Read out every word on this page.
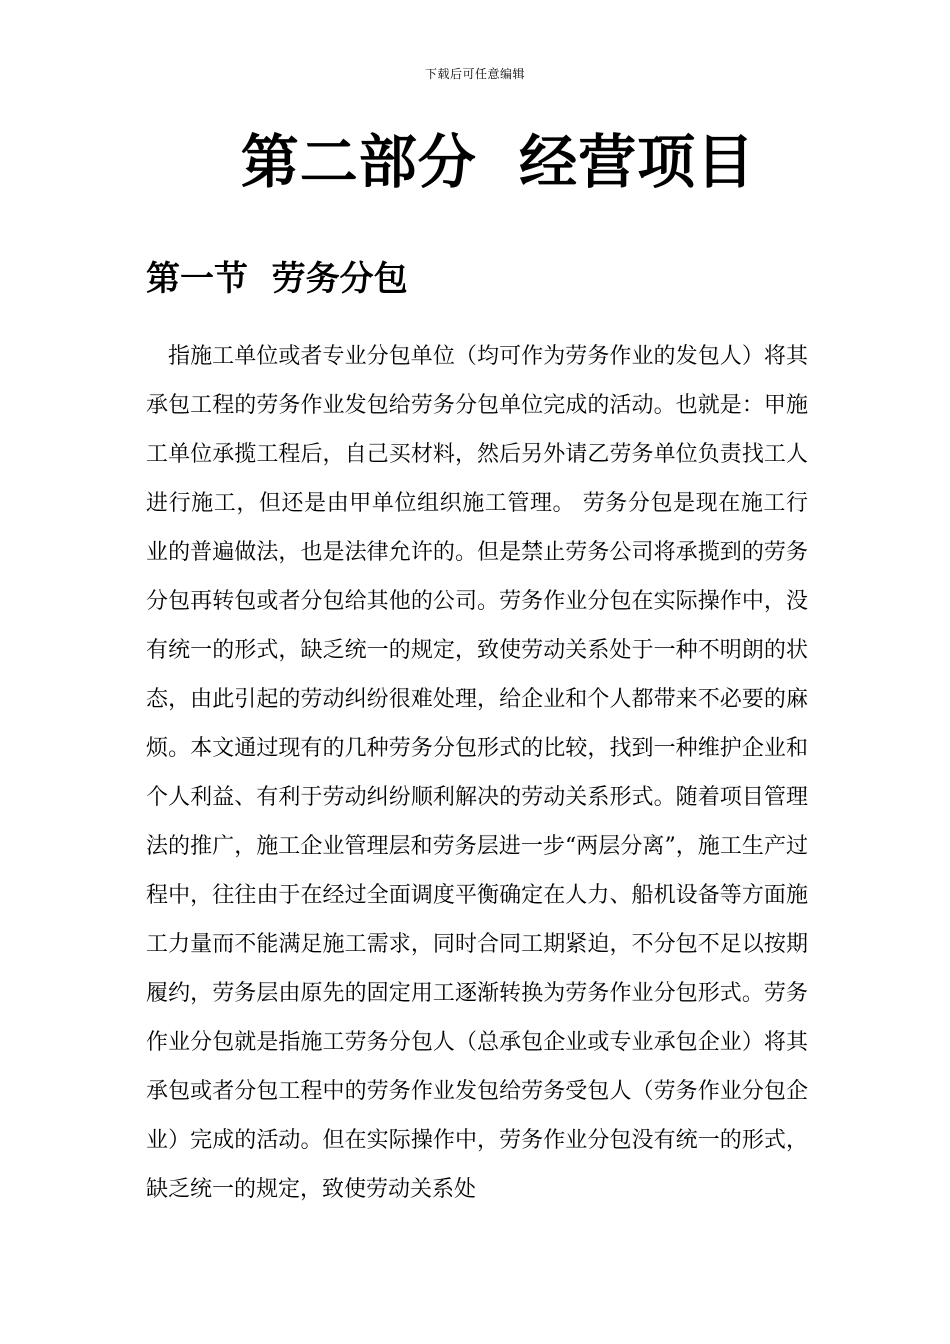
下载后可任意编辑
第二部分  经营项目
第一节  劳务分包

指施工单位或者专业分包单位（均可作为劳务作业的发包人）将其承包工程的劳务作业发包给劳务分包单位完成的活动。也就是：甲施工单位承揽工程后，自己买材料，然后另外请乙劳务单位负责找工人进行施工，但还是由甲单位组织施工管理。 劳务分包是现在施工行业的普遍做法，也是法律允许的。但是禁止劳务公司将承揽到的劳务分包再转包或者分包给其他的公司。劳务作业分包在实际操作中，没有统一的形式，缺乏统一的规定，致使劳动关系处于一种不明朗的状态，由此引起的劳动纠纷很难处理，给企业和个人都带来不必要的麻烦。本文通过现有的几种劳务分包形式的比较，找到一种维护企业和个人利益、有利于劳动纠纷顺利解决的劳动关系形式。随着项目管理法的推广，施工企业管理层和劳务层进一步“两层分离”，施工生产过程中，往往由于在经过全面调度平衡确定在人力、船机设备等方面施工力量而不能满足施工需求，同时合同工期紧迫，不分包不足以按期履约，劳务层由原先的固定用工逐渐转换为劳务作业分包形式。劳务作业分包就是指施工劳务分包人（总承包企业或专业承包企业）将其承包或者分包工程中的劳务作业发包给劳务受包人（劳务作业分包企业）完成的活动。但在实际操作中，劳务作业分包没有统一的形式，缺乏统一的规定，致使劳动关系处
